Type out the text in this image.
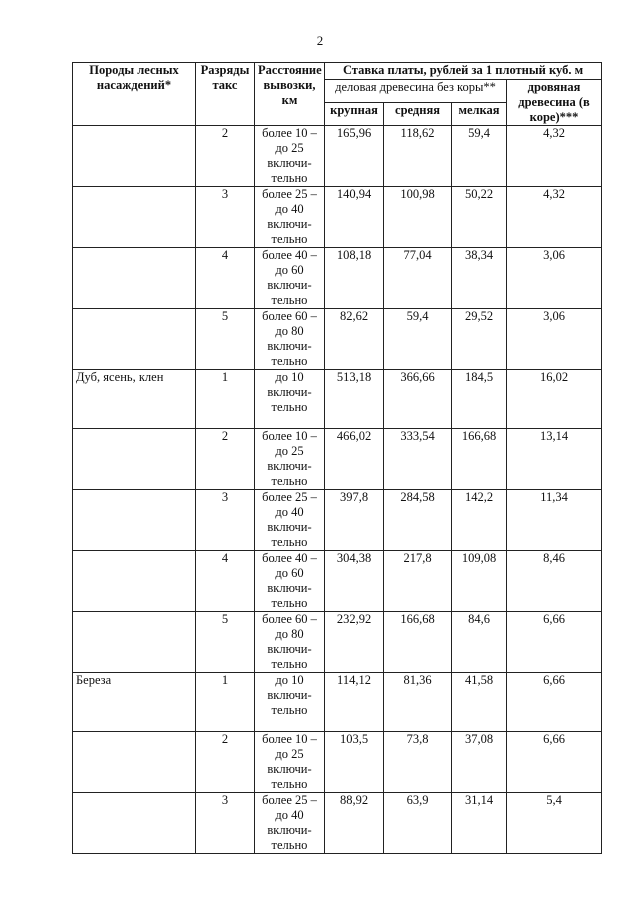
2
Породы лесных насаждений*	Разряды такс	Расстояние вывозки, км	Ставка платы, рублей за 1 плотный куб. м			
			деловая древесина без коры**			дровяная древесина (в коре)***
			крупная	средняя	мелкая	
	2	более 10 – до 25 включи-тельно	165,96	118,62	59,4	4,32
	3	более 25 – до 40 включи-тельно	140,94	100,98	50,22	4,32
	4	более 40 – до 60 включи-тельно	108,18	77,04	38,34	3,06
	5	более 60 – до 80 включи-тельно	82,62	59,4	29,52	3,06
Дуб, ясень, клен	1	до 10 включи-тельно	513,18	366,66	184,5	16,02
	2	более 10 – до 25 включи-тельно	466,02	333,54	166,68	13,14
	3	более 25 – до 40 включи-тельно	397,8	284,58	142,2	11,34
	4	более 40 – до 60 включи-тельно	304,38	217,8	109,08	8,46
	5	более 60 – до 80 включи-тельно	232,92	166,68	84,6	6,66
Береза	1	до 10 включи-тельно	114,12	81,36	41,58	6,66
	2	более 10 – до 25 включи-тельно	103,5	73,8	37,08	6,66
	3	более 25 – до 40 включи-тельно	88,92	63,9	31,14	5,4
